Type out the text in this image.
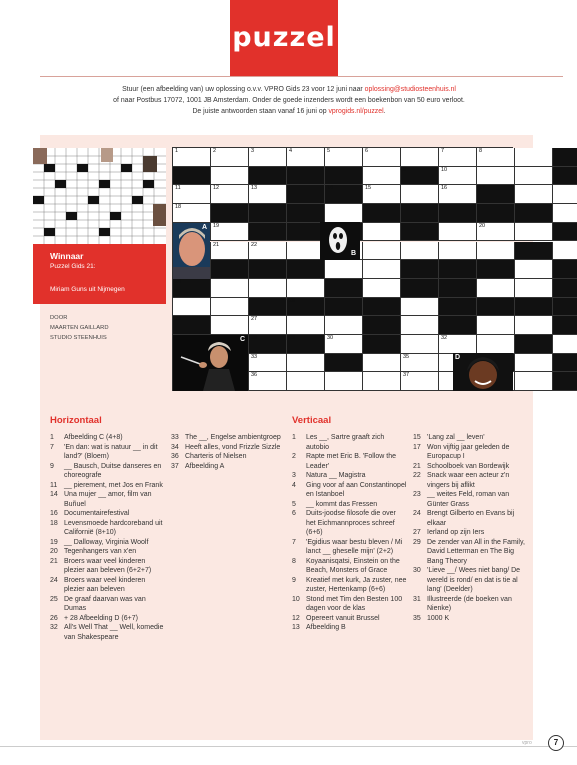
puzzel
Stuur (een afbeelding van) uw oplossing o.v.v. VPRO Gids 23 voor 12 juni naar oplossing@studiosteenhuis.nl
of naar Postbus 17072, 1001 JB Amsterdam. Onder de goede inzenders wordt een boekenbon van 50 euro verloot.
De juiste antwoorden staan vanaf 16 juni op vprogids.nl/puzzel.
Winnaar
Puzzel Gids 21:
Miriam Guns uit Nijmegen
DOOR
MAARTEN GAILLARD
STUDIO STEENHUIS
1	2	3	4	5	6	7	8
9	10
11	12	13	14	15	16	17
18
19	20
21	22
24
25
26	27
28	29	30	31	32
33	34	35
36	37
A
B
C
D
Horizontaal
1	Afbeelding C (4+8)
7	'En dan: wat is natuur __ in dit land?' (Bloem)
9	__ Bausch, Duitse danseres en choreografe
11 __ pierement, met Jos en Frank
14 Una mujer __ amor, film van Buñuel
16 Documentairefestival
18 Levensmoede hardcoreband uit Californië (8+10)
19 __ Dalloway, Virginia Woolf
20 Tegenhangers van x'en
21 Broers waar veel kinderen plezier aan beleven (6+2+7)
24 Broers waar veel kinderen plezier aan beleven
25 De graaf daarvan was van Dumas
26 + 28 Afbeelding D (6+7)
32 All's Well That __ Well, komedie van Shakespeare
33 The __, Engelse ambientgroep
34 Heeft alles, vond Frizzle Sizzle
36 Charteris of Nielsen
37 Afbeelding A
Verticaal
1	Les __, Sartre graaft zich autobio
2	Rapte met Eric B. 'Follow the Leader'
3	Natura __ Magistra
4	Ging voor af aan Constantinopel en Istanboel
5	__ kommt das Fressen
6	Duits-joodse filosofe die over het Eichmannproces schreef (6+6)
7	'Egidius waar bestu bleven / Mi lanct __ gheselle mijn' (2+2)
8	Koyaanisqatsi, Einstein on the Beach, Monsters of Grace
9	Kreatief met kurk, Ja zuster, nee zuster, Hertenkamp (6+6)
10 Stond met Tim den Besten 100 dagen voor de klas
12 Opereert vanuit Brussel
13 Afbeelding B
15 'Lang zal __ leven'
17 Won vijftig jaar geleden de Europacup I
21 Schoolboek van Bordewijk
22 Snack waar een acteur z'n vingers bij aflikt
23 __ weites Feld, roman van Günter Grass
24 Brengt Gilberto en Evans bij elkaar
27 Ierland op zijn Iers
29 De zender van All in the Family, David Letterman en The Big Bang Theory
30 'Lieve __/ Wees niet bang/ De wereld is rond/ en dat is tie al lang' (Deelder)
31 Illustreerde (de boeken van Nienke)
35 1000 K
vpro	7
